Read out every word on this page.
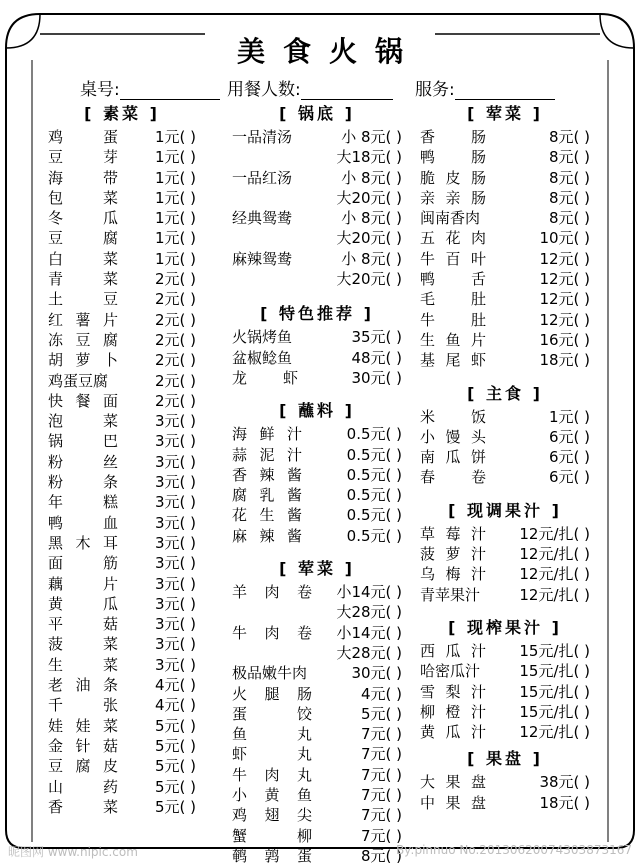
美食火锅
桌号:	用餐人数:	服务:
[ 素菜 ]
鸡蛋 1元( )
豆芽 1元( )
海带 1元( )
包菜 1元( )
冬瓜 1元( )
豆腐 1元( )
白菜 1元( )
青菜 2元( )
土豆 2元( )
红薯片 2元( )
冻豆腐 2元( )
胡萝卜 2元( )
鸡蛋豆腐	2元( )
快餐面 2元( )
泡菜 3元( )
锅巴 3元( )
粉丝 3元( )
粉条 3元( )
年糕 3元( )
鸭血 3元( )
黑木耳 3元( )
面筋 3元( )
藕片 3元( )
黄瓜 3元( )
平菇 3元( )
菠菜 3元( )
生菜 3元( )
老油条 4元( )
千张 4元( )
娃娃菜 5元( )
金针菇 5元( )
豆腐皮 5元( )
山药 5元( )
香菜 5元( )
[ 锅底 ]
一品清汤	小 8元( )
大18元( )
一品红汤	小 8元( )
大20元( )
经典鸳鸯	小 8元( )
大20元( )
麻辣鸳鸯	小 8元( )
大20元( )
[ 特色推荐 ]
火锅烤鱼	35元( )
盆椒鲶鱼	48元( )
龙虾	30元( )
[ 蘸料 ]
海鲜汁	0.5元( )
蒜泥汁	0.5元( )
香辣酱	0.5元( )
腐乳酱	0.5元( )
花生酱	0.5元( )
麻辣酱	0.5元( )
[ 荤菜 ]
羊肉卷 小14元( )
大28元( )
牛肉卷 小14元( )
大28元( )
极品嫩牛肉	30元( )
火腿肠	4元( )
蛋饺	5元( )
鱼丸	7元( )
虾丸	7元( )
牛肉丸	7元( )
小黄鱼	7元( )
鸡翅尖	7元( )
蟹柳	7元( )
鹌鹑蛋	8元( )
[ 荤菜 ]
香肠	8元( )
鸭肠	8元( )
脆皮肠	8元( )
亲亲肠	8元( )
闽南香肉	8元( )
五花肉	10元( )
牛百叶	12元( )
鸭舌	12元( )
毛肚	12元( )
牛肚	12元( )
生鱼片	16元( )
基尾虾	18元( )
[ 主食 ]
米饭	1元( )
小馒头	6元( )
南瓜饼	6元( )
春卷	6元( )
[ 现调果汁 ]
草莓汁 12元/扎( )
菠萝汁 12元/扎( )
乌梅汁 12元/扎( )
青苹果汁	12元/扎( )
[ 现榨果汁 ]
西瓜汁 15元/扎( )
哈密瓜汁	15元/扎( )
雪梨汁 15元/扎( )
柳橙汁 15元/扎( )
黄瓜汁 12元/扎( )
[ 果盘 ]
大果盘	38元( )
中果盘	18元( )
昵图网 www.nipic.com	By:pinnuo No.20130620074303873167
